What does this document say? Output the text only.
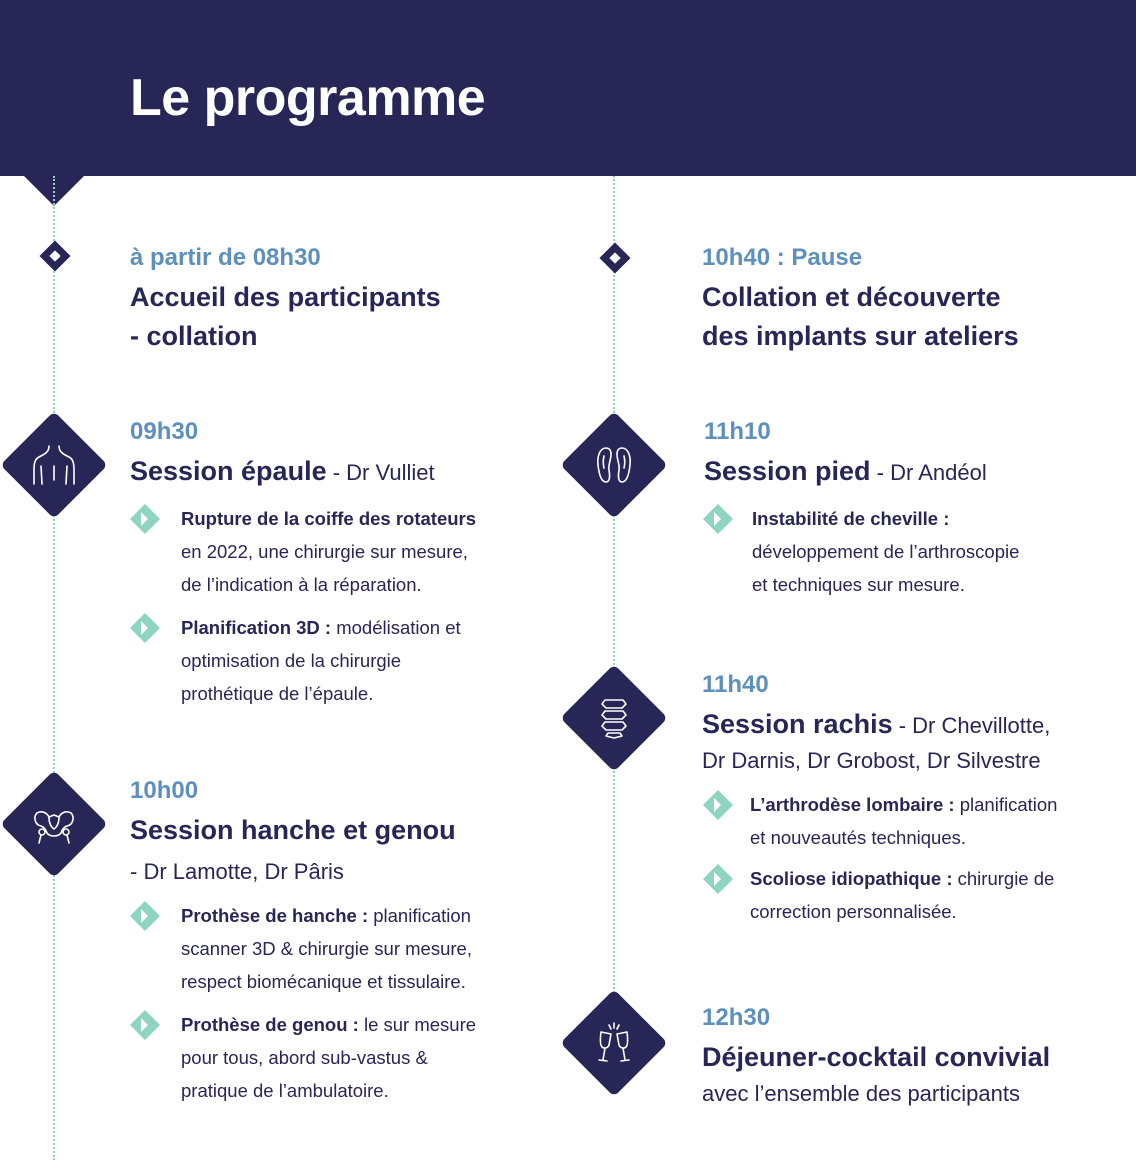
Le programme
à partir de 08h30
Accueil des participants
- collation
09h30
Session épaule - Dr Vulliet
Rupture de la coiffe des rotateurs
en 2022, une chirurgie sur mesure,
de l’indication à la réparation.
Planification 3D : modélisation et
optimisation de la chirurgie
prothétique de l’épaule.
10h00
Session hanche et genou
- Dr Lamotte, Dr Pâris
Prothèse de hanche : planification
scanner 3D & chirurgie sur mesure,
respect biomécanique et tissulaire.
Prothèse de genou : le sur mesure
pour tous, abord sub-vastus &
pratique de l’ambulatoire.
10h40 : Pause
Collation et découverte
des implants sur ateliers
11h10
Session pied - Dr Andéol
Instabilité de cheville :
développement de l’arthroscopie
et techniques sur mesure.
11h40
Session rachis - Dr Chevillotte,
Dr Darnis, Dr Grobost, Dr Silvestre
L’arthrodèse lombaire : planification
et nouveautés techniques.
Scoliose idiopathique : chirurgie de
correction personnalisée.
12h30
Déjeuner-cocktail convivial
avec l’ensemble des participants
